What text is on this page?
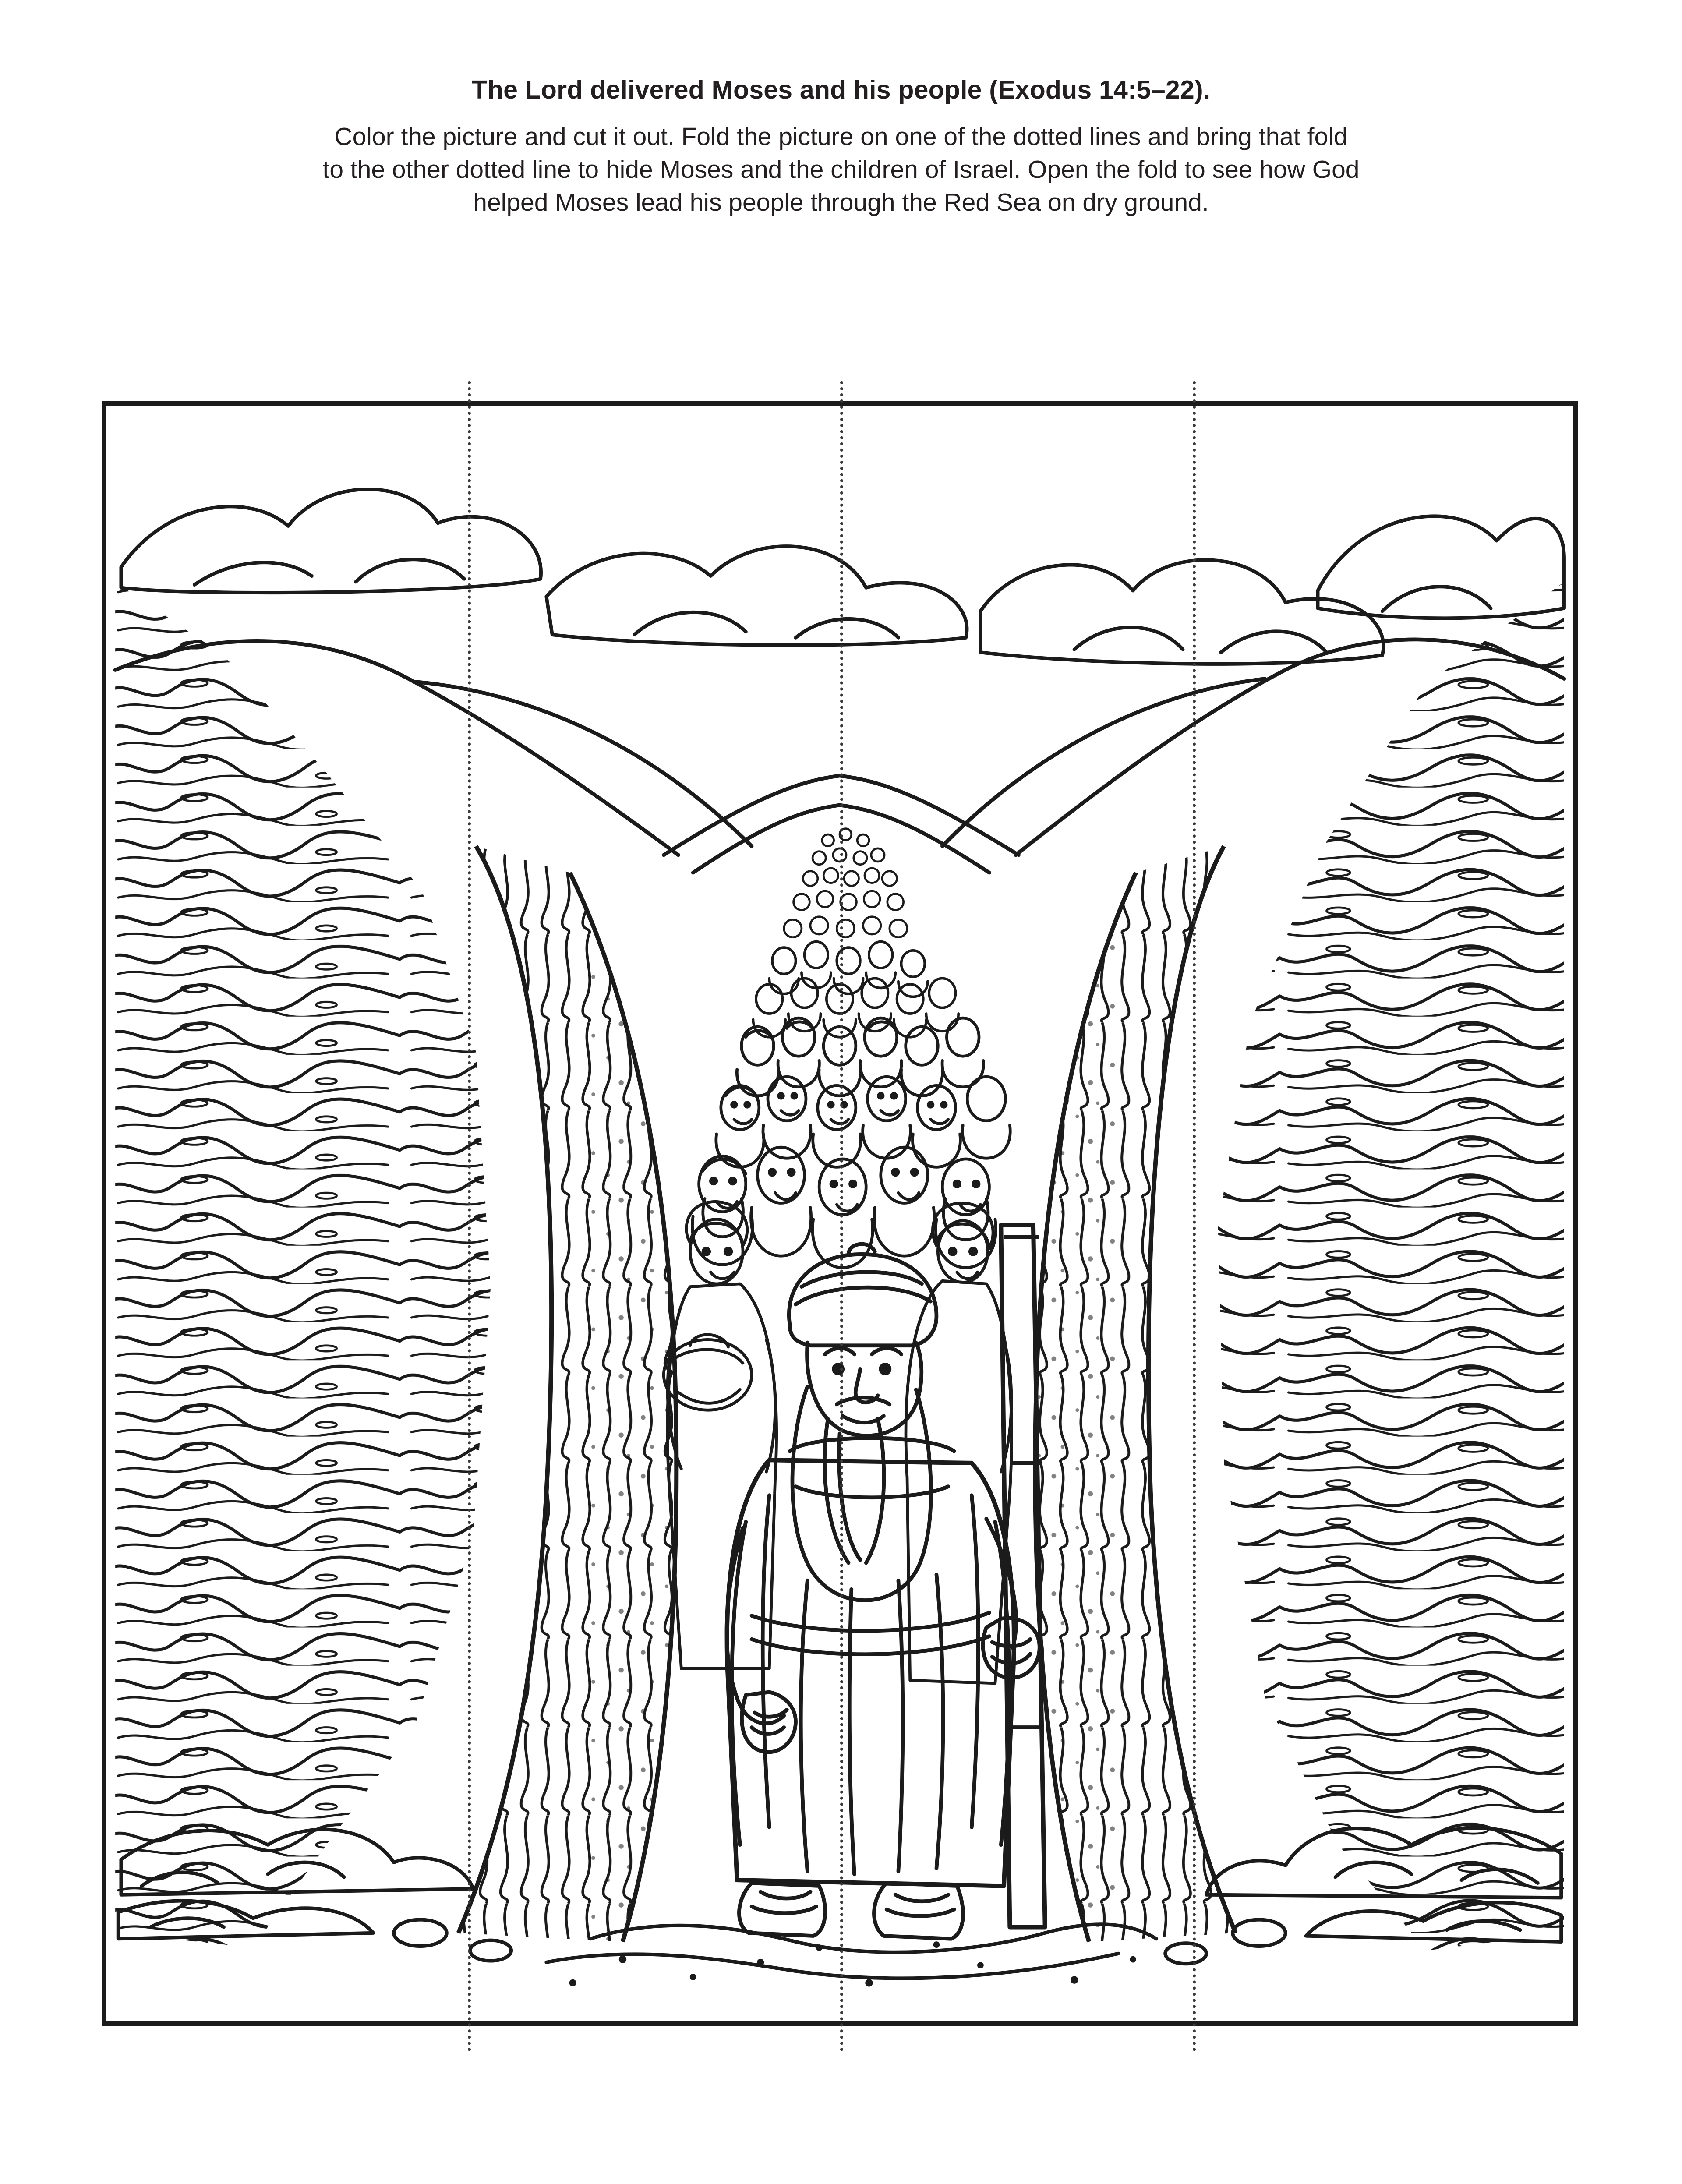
The Lord delivered Moses and his people (Exodus 14:5–22).

Color the picture and cut it out. Fold the picture on one of the dotted lines and bring that fold
to the other dotted line to hide Moses and the children of Israel. Open the fold to see how God
helped Moses lead his people through the Red Sea on dry ground.
